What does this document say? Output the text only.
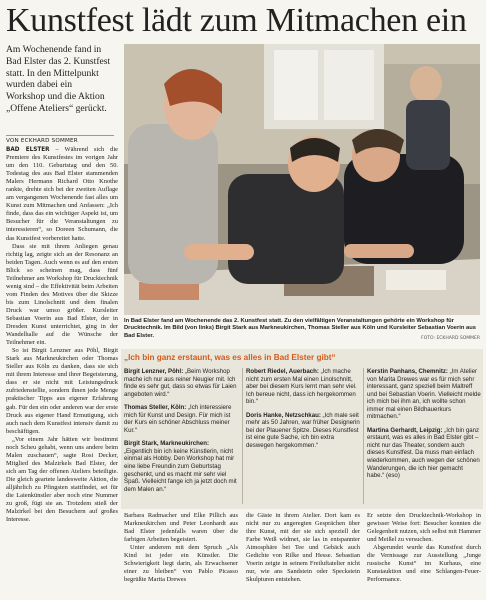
Kunstfest lädt zum Mitmachen ein
Am Wochenende fand in Bad Elster das 2. Kunstfest statt. In den Mittelpunkt wurden dabei ein Workshop und die Aktion „Offene Ateliers“ gerückt.
VON ECKHARD SOMMER

BAD ELSTER – Während sich die Premiere des Kunstfestes im vorigen Jahr um den 110. Geburtstag und den 50. Todestag des aus Bad Elster stammenden Malers Hermann Richard Otto Knothe rankte, drehte sich bei der zweiten Auflage am vergangenen Wochenende fast alles um Kunst zum Mitmachen und Anfassen: „Ich finde, dass das ein wichtiger Aspekt ist, um Besucher für die Veranstaltungen zu interessieren“, so Doreen Schumann, die das Kunstfest vorbereitet hatte.

Dass sie mit ihrem Anliegen genau richtig lag, zeigte sich an der Resonanz an beiden Tagen. Auch wenn es auf den ersten Blick so scheinen mag, dass fünf Teilnehmer am Workshop für Drucktechnik wenig sind – die Effektivität beim Arbeiten vom Finden des Motives über die Skizze bis zum Linolschnitt und dem finalen Druck war umso größer. Kursleiter Sebastian Voerin aus Bad Elster, der in Dresden Kunst unterrichtet, ging in der Wandelhalle auf die Wünsche der Teilnehmer ein.

So ist Birgit Lenzner aus Pöhl, Birgit Stark aus Markneukirchen oder Thomas Steller aus Köln zu danken, dass sie sich mit ihrem Interesse und ihrer Begeisterung, dass er sie nicht mit Leistungsdruck zufriedenstellte, sondern ihnen jede Menge praktischer Tipps aus eigener Erfahrung gab. Für den ein oder anderen war der erste Druck aus eigener Hand Ermutigung, sich auch nach dem Kunstfest intensiv damit zu beschäftigen.

„Vor einem Jahr hätten wir bestimmt noch Scheu gehabt, wenn uns andere beim Malen zuschauen“, sagte Rosi Decker, Mitglied des Malzirkels Bad Elster, der sich am Tag der offenen Ateliers beteiligte. Die gleich geartete landesweite Aktion, die alljährlich zu Pfingsten stattfindet, sei für die Laienkünstler aber noch eine Nummer zu groß, fügt sie an. Trotzdem stieß der Malzirkel bei den Besuchern auf großes Interesse.

In Bad Elster fand am Wochenende das 2. Kunstfest statt. Zu den vielfältigen Veranstaltungen gehörte ein Workshop für Drucktechnik. Im Bild (von links) Birgit Stark aus Markneukirchen, Thomas Steller aus Köln und Kursleiter Sebastian Voerin aus Bad Elster.	FOTO: ECKHARD SOMMER
„Ich bin ganz erstaunt, was es alles in Bad Elster gibt“

Birgit Lenzner, Pöhl: „Beim Workshop mache ich nur aus reiner Neugier mit. Ich finde es sehr gut, dass so etwas für Laien angeboten wird.“

Thomas Steller, Köln: „Ich interessiere mich für Kunst und Design. Für mich ist der Kurs ein schöner Abschluss meiner Kur.“

Birgit Stark, Markneukirchen: „Eigentlich bin ich keine Künstlerin, nicht einmal als Hobby. Den Workshop hat mir eine liebe Freundin zum Geburtstag geschenkt, und es macht mir sehr viel Spaß. Vielleicht fange ich ja jetzt doch mit dem Malen an.“

Robert Riedel, Auerbach: „Ich mache nicht zum ersten Mal einen Linolschnitt, aber bei diesem Kurs lernt man sehr viel. Ich bereue nicht, dass ich hergekommen bin.“

Doris Hanke, Netzschkau: „Ich male seit mehr als 50 Jahren, war früher Designerin bei der Plauener Spitze. Dieses Kunstfest ist eine gute Sache, ich bin extra deswegen hergekommen.“

Kerstin Panhans, Chemnitz: „Im Atelier von Marita Drewes war es für mich sehr interessant, ganz speziell beim Maltreff und bei Sebastian Voerin. Vielleicht melde ich mich bei ihm an, ich wollte schon immer mal einen Bildhauerkurs mitmachen.“

Martina Gerhardt, Leipzig: „Ich bin ganz erstaunt, was es alles in Bad Elster gibt – nicht nur das Theater, sondern auch dieses Kunstfest. Da muss man einfach wiederkommen, auch wegen der schönen Wanderungen, die ich hier gemacht habe.“ (eso)

Barbara Radmacher und Elke Pillich aus Markneukirchen und Peter Leonhardt aus Bad Elster jedenfalls waren über die farbigen Arbeiten begeistert.

Unter anderem mit dem Spruch „Als Kind ist jeder ein Künstler. Die Schwierigkeit liegt darin, als Erwachsener einer zu bleiben“ von Pablo Picasso begrüßte Marita Drewes

die Gäste in ihrem Atelier. Dort kam es nicht nur zu angeregten Gesprächen über ihre Kunst, mit der sie sich speziell der Farbe Weiß widmet, sie las in entspannter Atmosphäre bei Tee und Gebäck auch Gedichte von Rilke und Hesse. Sebastian Voerin zeigte in seinem Freiluftatelier nicht nur, wie ans Sandstein oder Speckstein Skulpturen entstehen.

Er setzte den Drucktechnik-Workshop in gewisser Weise fort: Besucher konnten die Gelegenheit nutzen, sich selbst mit Hammer und Meißel zu versuchen.

Abgerundet wurde das Kunstfest durch die Vernissage zur Ausstellung „Junge russische Kunst“ im Kurhaus, eine Kunstauktion und eine Schlangen-Feuer-Performance.
